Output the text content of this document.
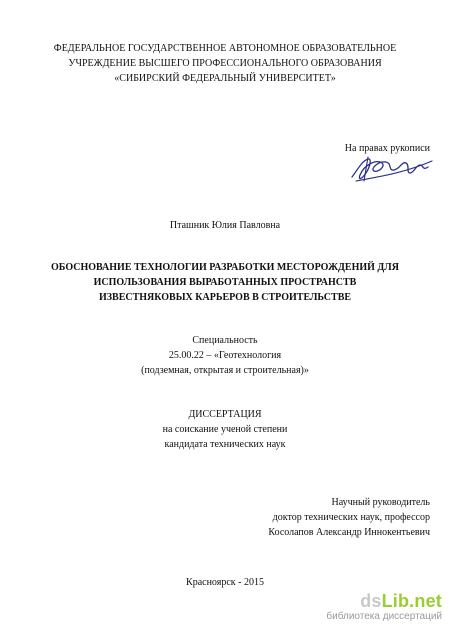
ФЕДЕРАЛЬНОЕ ГОСУДАРСТВЕННОЕ АВТОНОМНОЕ ОБРАЗОВАТЕЛЬНОЕ
УЧРЕЖДЕНИЕ ВЫСШЕГО ПРОФЕССИОНАЛЬНОГО ОБРАЗОВАНИЯ
«СИБИРСКИЙ ФЕДЕРАЛЬНЫЙ УНИВЕРСИТЕТ»
На правах рукописи
Пташник Юлия Павловна
ОБОСНОВАНИЕ ТЕХНОЛОГИИ РАЗРАБОТКИ МЕСТОРОЖДЕНИЙ ДЛЯ
ИСПОЛЬЗОВАНИЯ ВЫРАБОТАННЫХ ПРОСТРАНСТВ
ИЗВЕСТНЯКОВЫХ КАРЬЕРОВ В СТРОИТЕЛЬСТВЕ
Специальность
25.00.22 – «Геотехнология
(подземная, открытая и строительная)»
ДИССЕРТАЦИЯ
на соискание ученой степени
кандидата технических наук
Научный руководитель
доктор технических наук, профессор
Косолапов Александр Иннокентьевич
Красноярск - 2015
dsLib.net
библиотека диссертаций
